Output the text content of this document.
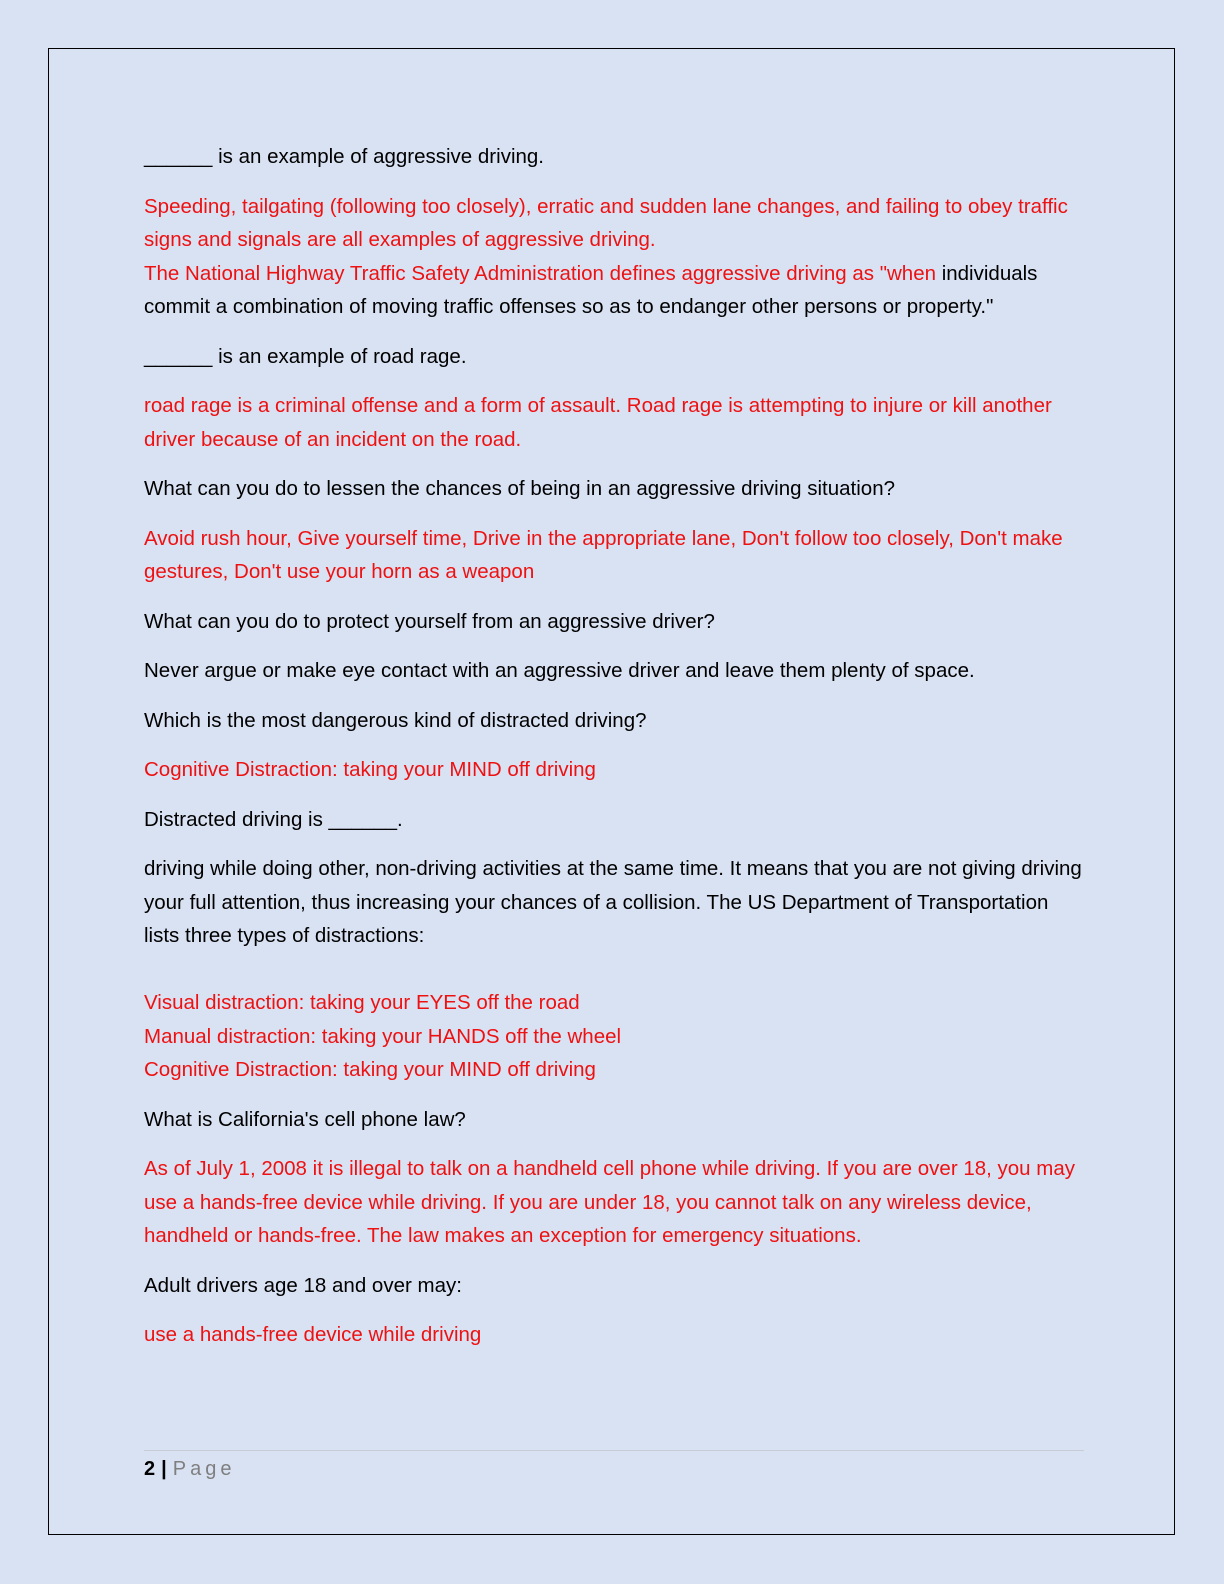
______ is an example of aggressive driving.

Speeding, tailgating (following too closely), erratic and sudden lane changes, and failing to obey traffic signs and signals are all examples of aggressive driving.
The National Highway Traffic Safety Administration defines aggressive driving as "when individuals commit a combination of moving traffic offenses so as to endanger other persons or property."

______ is an example of road rage.

road rage is a criminal offense and a form of assault. Road rage is attempting to injure or kill another driver because of an incident on the road.

What can you do to lessen the chances of being in an aggressive driving situation?

Avoid rush hour, Give yourself time, Drive in the appropriate lane, Don't follow too closely, Don't make gestures, Don't use your horn as a weapon

What can you do to protect yourself from an aggressive driver?

Never argue or make eye contact with an aggressive driver and leave them plenty of space.

Which is the most dangerous kind of distracted driving?

Cognitive Distraction: taking your MIND off driving

Distracted driving is ______.

driving while doing other, non-driving activities at the same time. It means that you are not giving driving your full attention, thus increasing your chances of a collision. The US Department of Transportation lists three types of distractions:

Visual distraction: taking your EYES off the road
Manual distraction: taking your HANDS off the wheel
Cognitive Distraction: taking your MIND off driving

What is California's cell phone law?

As of July 1, 2008 it is illegal to talk on a handheld cell phone while driving. If you are over 18, you may use a hands-free device while driving. If you are under 18, you cannot talk on any wireless device, handheld or hands-free. The law makes an exception for emergency situations.

Adult drivers age 18 and over may:

use a hands-free device while driving

2 | Page
